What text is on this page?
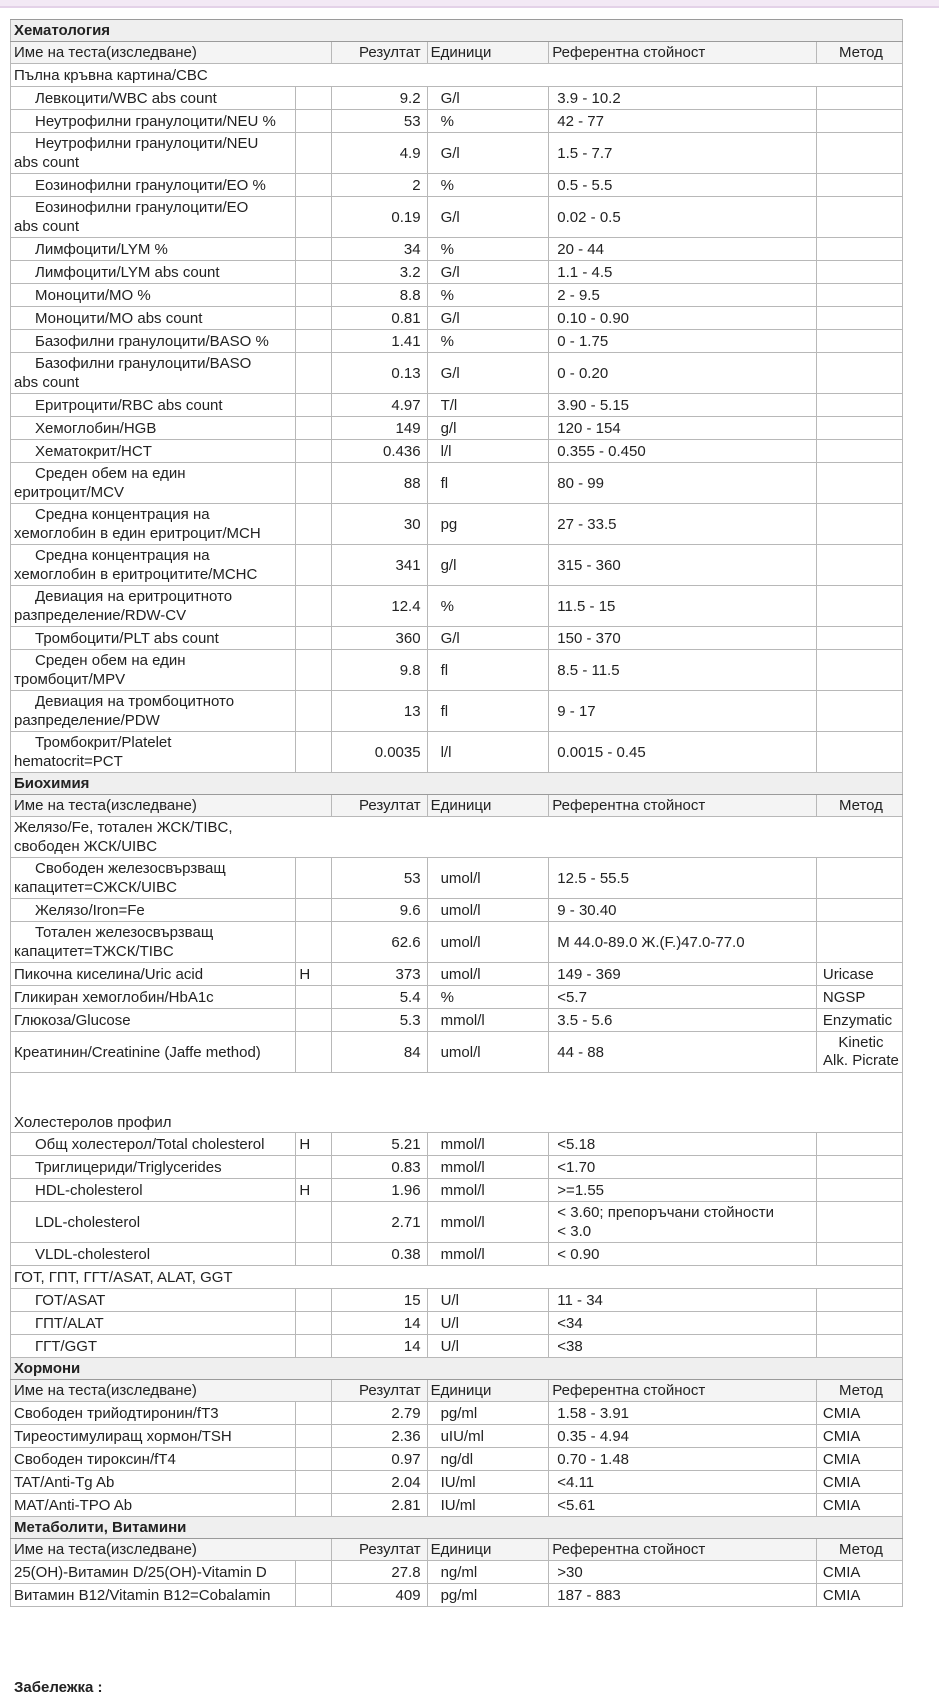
Хематология					
Име на теста(изследване)		Резултат	Единици	Референтна стойност	Метод
Пълна кръвна картина/CBC					
Левкоцити/WBC abs count		9.2	G/l	3.9 - 10.2	
Неутрофилни гранулоцити/NEU %		53	%	42 - 77	
Неутрофилни гранулоцити/NEU
abs count		4.9	G/l	1.5 - 7.7	
Еозинофилни гранулоцити/EO %		2	%	0.5 - 5.5	
Еозинофилни гранулоцити/EO
abs count		0.19	G/l	0.02 - 0.5	
Лимфоцити/LYM %		34	%	20 - 44	
Лимфоцити/LYM abs count		3.2	G/l	1.1 - 4.5	
Моноцити/MO %		8.8	%	2 - 9.5	
Моноцити/MO abs count		0.81	G/l	0.10 - 0.90	
Базофилни гранулоцити/BASO %		1.41	%	0 - 1.75	
Базофилни гранулоцити/BASO
abs count		0.13	G/l	0 - 0.20	
Еритроцити/RBC abs count		4.97	T/l	3.90 - 5.15	
Хемоглобин/HGB		149	g/l	120 - 154	
Хематокрит/HCT		0.436	l/l	0.355 - 0.450	
Среден обем на един
еритроцит/MCV		88	fl	80 - 99	
Средна концентрация на
хемоглобин в един еритроцит/MCH		30	pg	27 - 33.5	
Средна концентрация на
хемоглобин в еритроцитите/MCHC		341	g/l	315 - 360	
Девиация на еритроцитното
разпределение/RDW-CV		12.4	%	11.5 - 15	
Тромбоцити/PLT abs count		360	G/l	150 - 370	
Среден обем на един
тромбоцит/MPV		9.8	fl	8.5 - 11.5	
Девиация на тромбоцитното
разпределение/PDW		13	fl	9 - 17	
Тромбокрит/Platelet
hematocrit=PCT		0.0035	l/l	0.0015 - 0.45	
Биохимия					
Име на теста(изследване)		Резултат	Единици	Референтна стойност	Метод
Желязо/Fe, тотален ЖСК/TIBC,
свободен ЖСК/UIBC					
Свободен железосвързващ
капацитет=СЖСК/UIBC		53	umol/l	12.5 - 55.5	
Желязо/Iron=Fe		9.6	umol/l	9 - 30.40	
Тотален железосвързващ
капацитет=ТЖСК/TIBC		62.6	umol/l	М 44.0-89.0 Ж.(F.)47.0-77.0	
Пикочна киселина/Uric acid	H	373	umol/l	149 - 369	Uricase
Гликиран хемоглобин/HbA1c		5.4	%	<5.7	NGSP
Глюкоза/Glucose		5.3	mmol/l	3.5 - 5.6	Enzymatic
Креатинин/Creatinine (Jaffe method)		84	umol/l	44 - 88	Kinetic
Alk. Picrate
Холестеролов профил					
Общ холестерол/Total cholesterol	H	5.21	mmol/l	<5.18	
Триглицериди/Triglycerides		0.83	mmol/l	<1.70	
HDL-cholesterol	H	1.96	mmol/l	>=1.55	
LDL-cholesterol		2.71	mmol/l	< 3.60; препоръчани стойности
< 3.0	
VLDL-cholesterol		0.38	mmol/l	< 0.90	
ГОТ, ГПТ, ГГТ/ASAT, ALAT, GGT					
ГОТ/ASAT		15	U/l	11 - 34	
ГПТ/ALAT		14	U/l	<34	
ГГТ/GGT		14	U/l	<38	
Хормони					
Име на теста(изследване)		Резултат	Единици	Референтна стойност	Метод
Свободен трийодтиронин/fT3		2.79	pg/ml	1.58 - 3.91	CMIA
Тиреостимулиращ хормон/TSH		2.36	uIU/ml	0.35 - 4.94	CMIA
Свободен тироксин/fT4		0.97	ng/dl	0.70 - 1.48	CMIA
TAT/Anti-Tg Ab		2.04	IU/ml	<4.11	CMIA
MAT/Anti-TPO Ab		2.81	IU/ml	<5.61	CMIA
Метаболити, Витамини					
Име на теста(изследване)		Резултат	Единици	Референтна стойност	Метод
25(OH)-Витамин D/25(OH)-Vitamin D		27.8	ng/ml	>30	CMIA
Витамин B12/Vitamin B12=Cobalamin		409	pg/ml	187 - 883	CMIA
Забележка :
